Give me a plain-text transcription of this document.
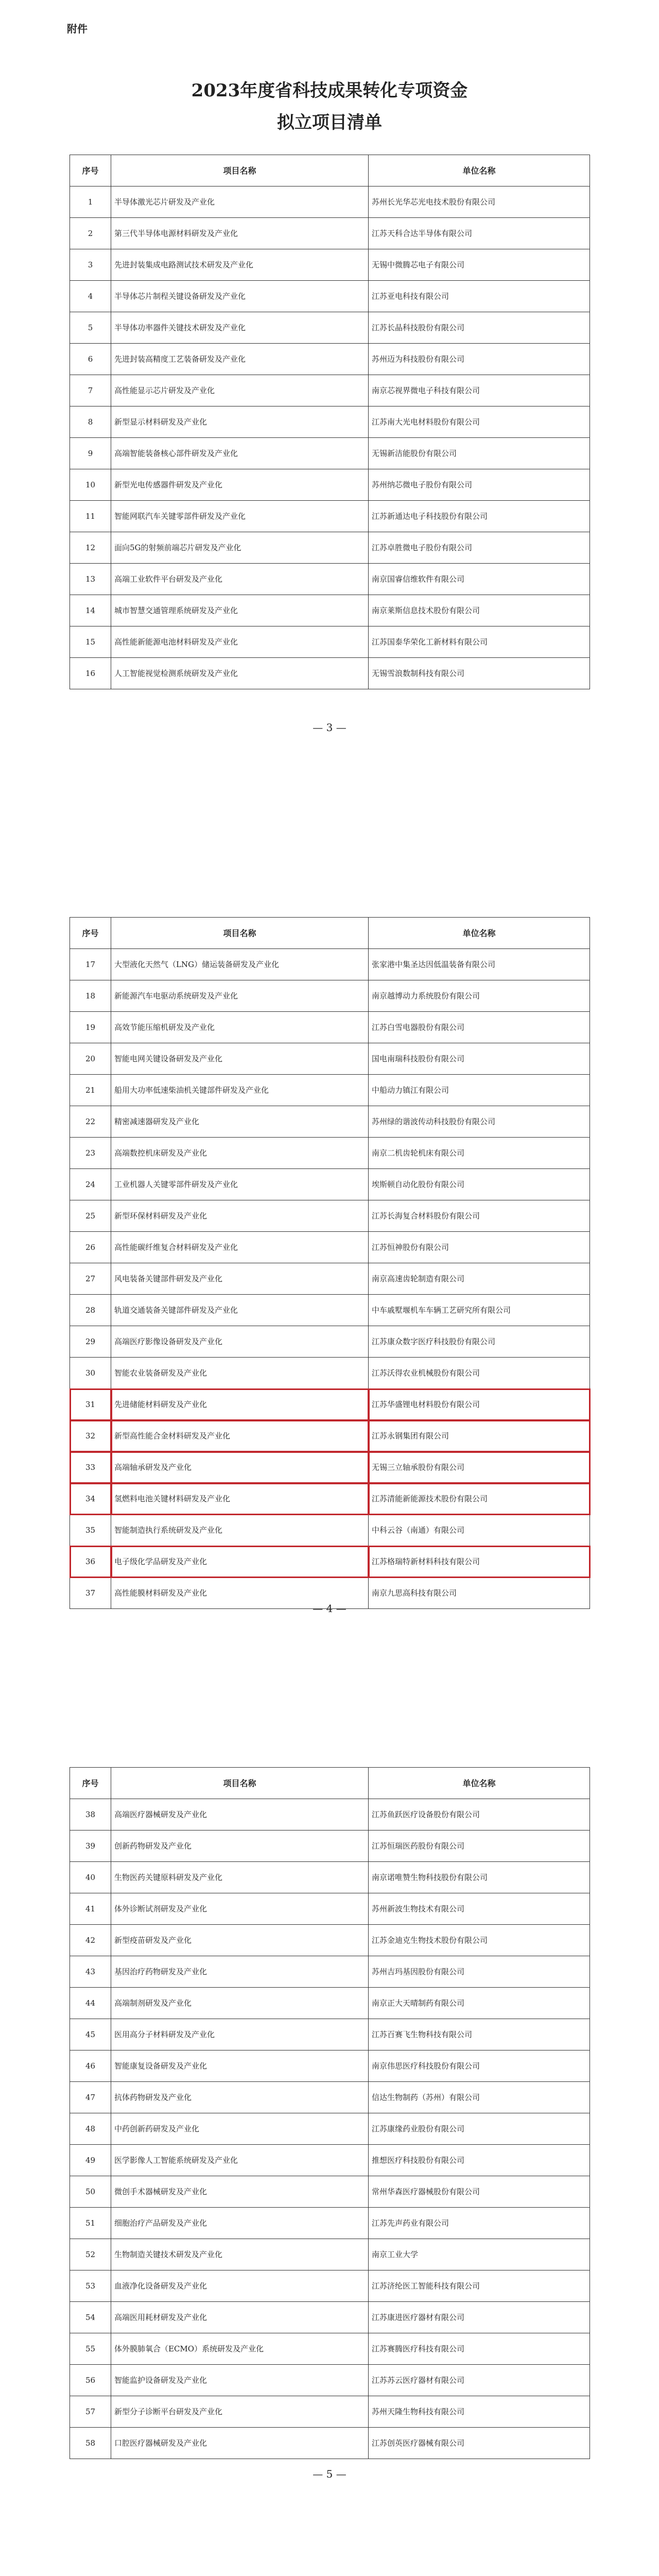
附件
2023年度省科技成果转化专项资金
拟立项目清单
序号	项目名称	单位名称
1	半导体激光芯片研发及产业化	苏州长光华芯光电技术股份有限公司
2	第三代半导体电源材料研发及产业化	江苏天科合达半导体有限公司
3	先进封装集成电路测试技术研发及产业化	无锡中微腾芯电子有限公司
4	半导体芯片制程关键设备研发及产业化	江苏亚电科技有限公司
5	半导体功率器件关键技术研发及产业化	江苏长晶科技股份有限公司
6	先进封装高精度工艺装备研发及产业化	苏州迈为科技股份有限公司
7	高性能显示芯片研发及产业化	南京芯视界微电子科技有限公司
8	新型显示材料研发及产业化	江苏南大光电材料股份有限公司
9	高端智能装备核心部件研发及产业化	无锡新洁能股份有限公司
10	新型光电传感器件研发及产业化	苏州纳芯微电子股份有限公司
11	智能网联汽车关键零部件研发及产业化	江苏新通达电子科技股份有限公司
12	面向5G的射频前端芯片研发及产业化	江苏卓胜微电子股份有限公司
13	高端工业软件平台研发及产业化	南京国睿信维软件有限公司
14	城市智慧交通管理系统研发及产业化	南京莱斯信息技术股份有限公司
15	高性能新能源电池材料研发及产业化	江苏国泰华荣化工新材料有限公司
16	人工智能视觉检测系统研发及产业化	无锡雪浪数制科技有限公司
— 3 —
序号	项目名称	单位名称
17	大型液化天然气（LNG）储运装备研发及产业化	张家港中集圣达因低温装备有限公司
18	新能源汽车电驱动系统研发及产业化	南京越博动力系统股份有限公司
19	高效节能压缩机研发及产业化	江苏白雪电器股份有限公司
20	智能电网关键设备研发及产业化	国电南瑞科技股份有限公司
21	船用大功率低速柴油机关键部件研发及产业化	中船动力镇江有限公司
22	精密减速器研发及产业化	苏州绿的谐波传动科技股份有限公司
23	高端数控机床研发及产业化	南京二机齿轮机床有限公司
24	工业机器人关键零部件研发及产业化	埃斯顿自动化股份有限公司
25	新型环保材料研发及产业化	江苏长海复合材料股份有限公司
26	高性能碳纤维复合材料研发及产业化	江苏恒神股份有限公司
27	风电装备关键部件研发及产业化	南京高速齿轮制造有限公司
28	轨道交通装备关键部件研发及产业化	中车戚墅堰机车车辆工艺研究所有限公司
29	高端医疗影像设备研发及产业化	江苏康众数字医疗科技股份有限公司
30	智能农业装备研发及产业化	江苏沃得农业机械股份有限公司
31	先进储能材料研发及产业化	江苏华盛锂电材料股份有限公司
32	新型高性能合金材料研发及产业化	江苏永钢集团有限公司
33	高端轴承研发及产业化	无锡三立轴承股份有限公司
34	氢燃料电池关键材料研发及产业化	江苏清能新能源技术股份有限公司
35	智能制造执行系统研发及产业化	中科云谷（南通）有限公司
36	电子级化学品研发及产业化	江苏格瑞特新材料科技有限公司
37	高性能膜材料研发及产业化	南京九思高科技有限公司
— 4 —
序号	项目名称	单位名称
38	高端医疗器械研发及产业化	江苏鱼跃医疗设备股份有限公司
39	创新药物研发及产业化	江苏恒瑞医药股份有限公司
40	生物医药关键原料研发及产业化	南京诺唯赞生物科技股份有限公司
41	体外诊断试剂研发及产业化	苏州新波生物技术有限公司
42	新型疫苗研发及产业化	江苏金迪克生物技术股份有限公司
43	基因治疗药物研发及产业化	苏州吉玛基因股份有限公司
44	高端制剂研发及产业化	南京正大天晴制药有限公司
45	医用高分子材料研发及产业化	江苏百赛飞生物科技有限公司
46	智能康复设备研发及产业化	南京伟思医疗科技股份有限公司
47	抗体药物研发及产业化	信达生物制药（苏州）有限公司
48	中药创新药研发及产业化	江苏康缘药业股份有限公司
49	医学影像人工智能系统研发及产业化	推想医疗科技股份有限公司
50	微创手术器械研发及产业化	常州华森医疗器械股份有限公司
51	细胞治疗产品研发及产业化	江苏先声药业有限公司
52	生物制造关键技术研发及产业化	南京工业大学
53	血液净化设备研发及产业化	江苏济纶医工智能科技有限公司
54	高端医用耗材研发及产业化	江苏康进医疗器材有限公司
55	体外膜肺氧合（ECMO）系统研发及产业化	江苏赛腾医疗科技有限公司
56	智能监护设备研发及产业化	江苏苏云医疗器材有限公司
57	新型分子诊断平台研发及产业化	苏州天隆生物科技有限公司
58	口腔医疗器械研发及产业化	江苏创英医疗器械有限公司
— 5 —
